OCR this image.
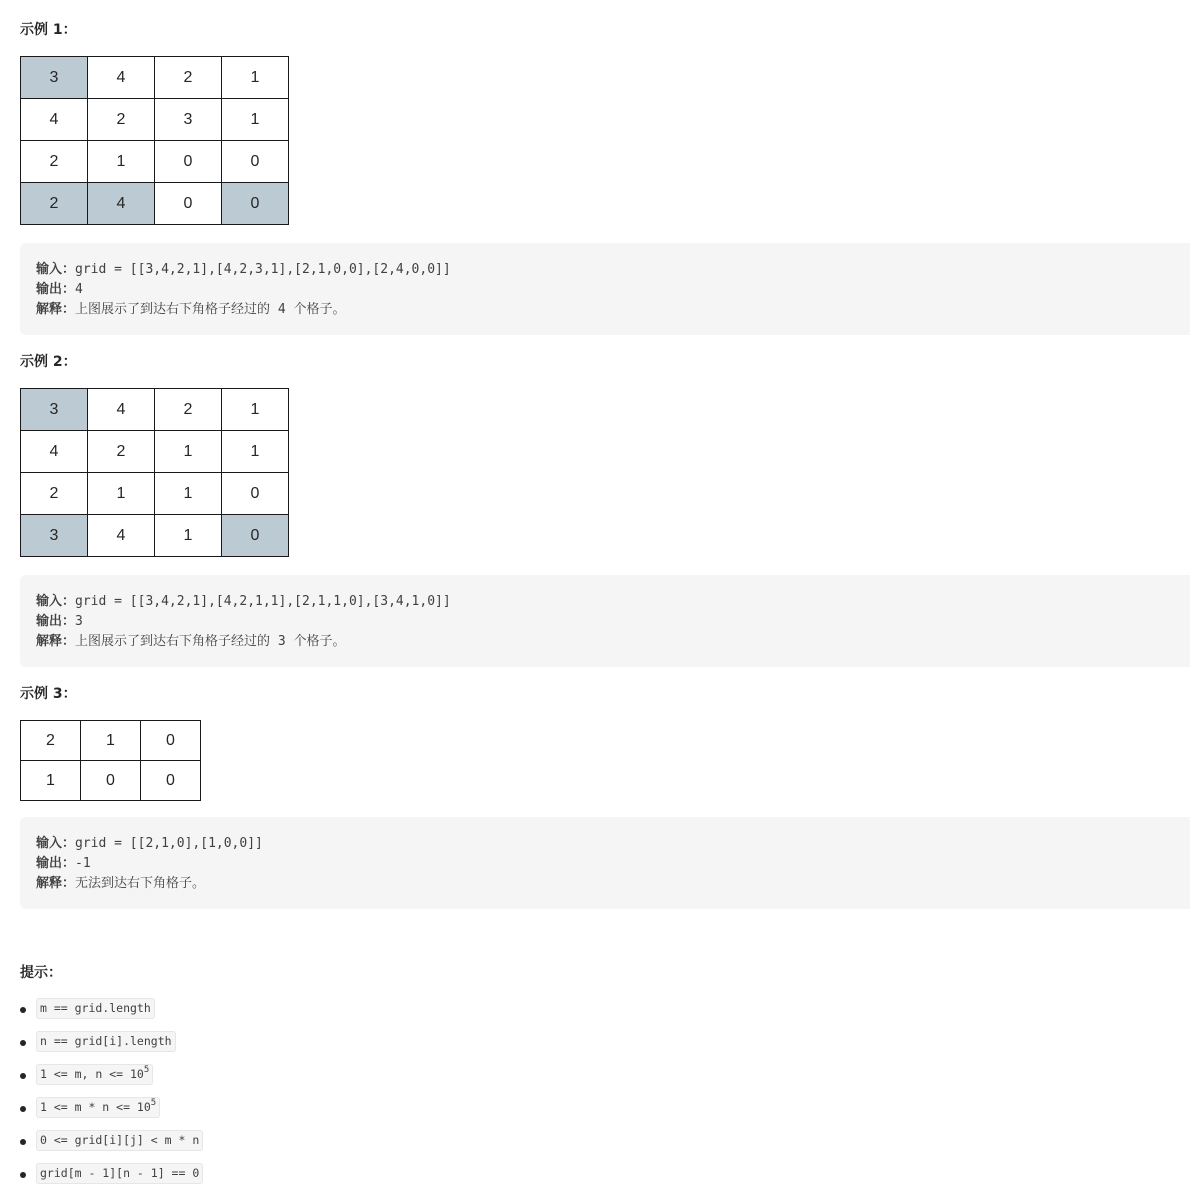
示例 1：
3	4	2	1
4	2	3	1
2	1	0	0
2	4	0	0
输入：grid = [[3,4,2,1],[4,2,3,1],[2,1,0,0],[2,4,0,0]]
输出：4
解释：上图展示了到达右下角格子经过的 4 个格子。
示例 2：
3	4	2	1
4	2	1	1
2	1	1	0
3	4	1	0
输入：grid = [[3,4,2,1],[4,2,1,1],[2,1,1,0],[3,4,1,0]]
输出：3
解释：上图展示了到达右下角格子经过的 3 个格子。
示例 3：
2	1	0
1	0	0
输入：grid = [[2,1,0],[1,0,0]]
输出：-1
解释：无法到达右下角格子。
提示：
m == grid.length
n == grid[i].length
1 <= m, $n <= 10^5$
$1 <= m * n <= 10^5$
0 <= grid[i][j] < m * n
grid[m - 1][n - 1] == 0
